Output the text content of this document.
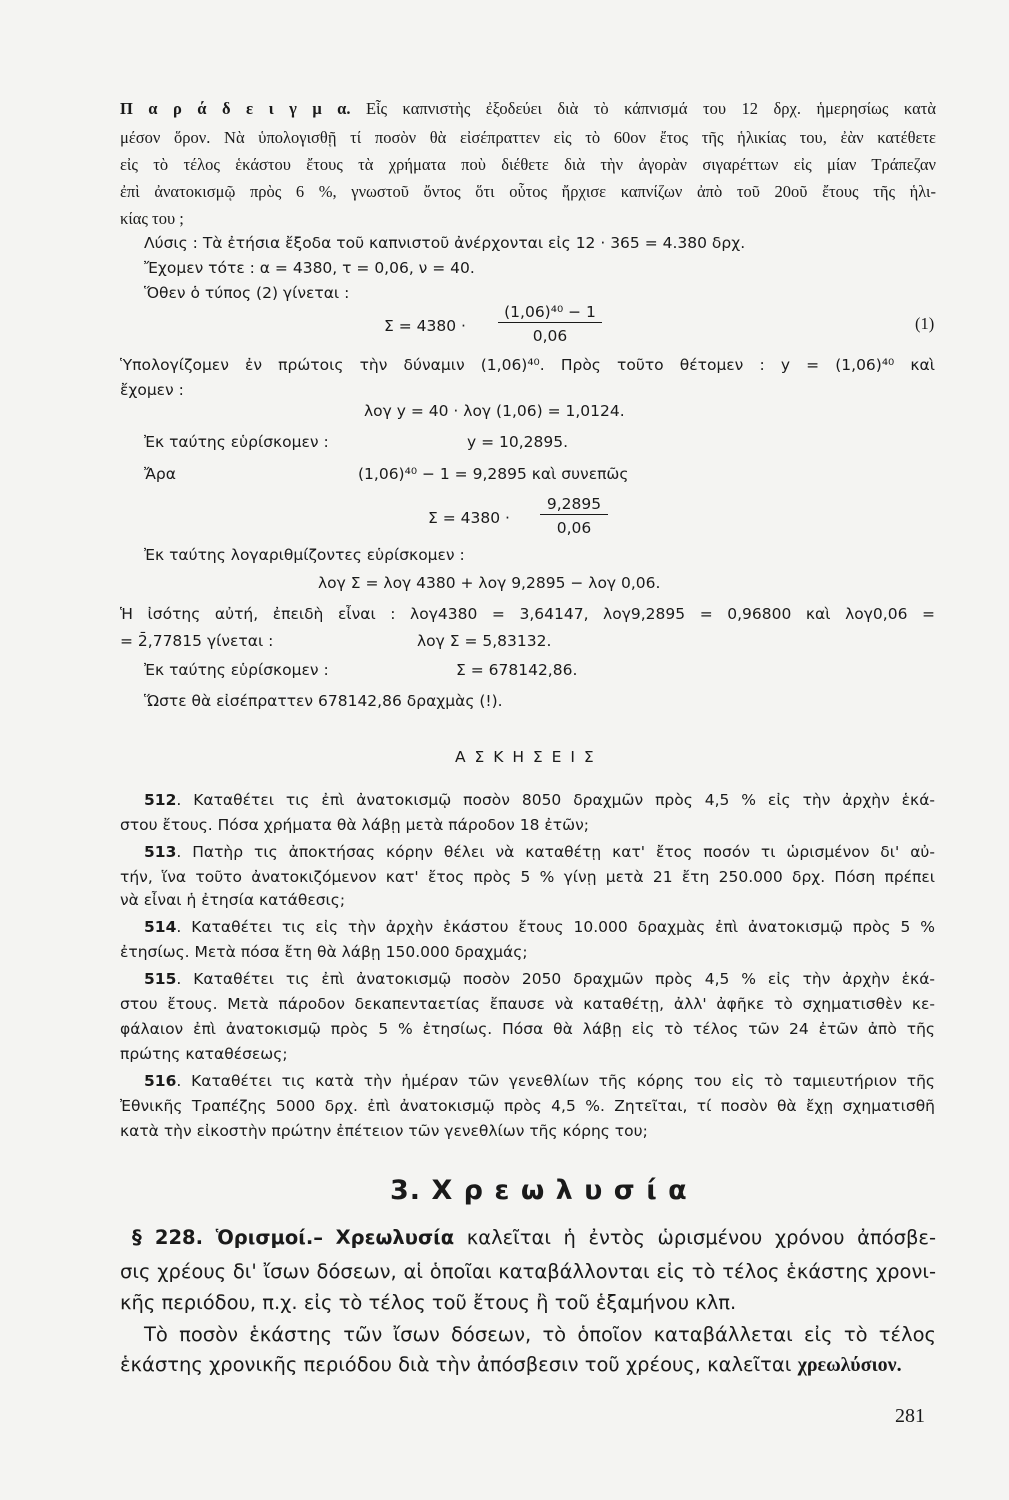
Π α ρ ά δ ε ι γ μ α. Εἷς καπνιστὴς ἐξοδεύει διὰ τὸ κάπνισμά του 12 δρχ. ἡμερησίως κατὰ
μέσον ὅρον. Νὰ ὑπολογισθῇ τί ποσὸν θὰ εἰσέπραττεν εἰς τὸ 60ον ἔτος τῆς ἡλικίας του, ἐὰν κατέθετε
εἰς τὸ τέλος ἑκάστου ἔτους τὰ χρήματα ποὺ διέθετε διὰ τὴν ἀγορὰν σιγαρέττων εἰς μίαν Τράπεζαν
ἐπὶ ἀνατοκισμῷ πρὸς 6 %, γνωστοῦ ὄντος ὅτι οὗτος ἤρχισε καπνίζων ἀπὸ τοῦ 20οῦ ἔτους τῆς ἡλι-
κίας του ;
Λύσις : Τὰ ἐτήσια ἔξοδα τοῦ καπνιστοῦ ἀνέρχονται εἰς 12 · 365 = 4.380 δρχ.
Ἔχομεν τότε : α = 4380, τ = 0,06, ν = 40.
Ὅθεν ὁ τύπος (2) γίνεται :
Σ = 4380 ·
(1,06)⁴⁰ − 1
0,06
(1)
Ὑπολογίζομεν ἐν πρώτοις τὴν δύναμιν (1,06)⁴⁰. Πρὸς τοῦτο θέτομεν : y = (1,06)⁴⁰ καὶ
ἔχομεν :
λογ y = 40 · λογ (1,06) = 1,0124.
Ἐκ ταύτης εὑρίσκομεν :	y = 10,2895.
Ἄρα	(1,06)⁴⁰ − 1 = 9,2895 καὶ συνεπῶς
Σ = 4380 ·
9,2895
0,06
Ἐκ ταύτης λογαριθμίζοντες εὑρίσκομεν :
λογ Σ = λογ 4380 + λογ 9,2895 − λογ 0,06.
Ἡ ἰσότης αὐτή, ἐπειδὴ εἶναι : λογ4380 = 3,64147, λογ9,2895 = 0,96800 καὶ λογ0,06 =
= 2̄,77815 γίνεται :	λογ Σ = 5,83132.
Ἐκ ταύτης εὑρίσκομεν :	Σ = 678142,86.
Ὥστε θὰ εἰσέπραττεν 678142,86 δραχμὰς (!).
Α Σ Κ Η Σ Ε Ι Σ
512. Καταθέτει τις ἐπὶ ἀνατοκισμῷ ποσὸν 8050 δραχμῶν πρὸς 4,5 % εἰς τὴν ἀρχὴν ἑκά-
στου ἔτους. Πόσα χρήματα θὰ λάβῃ μετὰ πάροδον 18 ἐτῶν;
513. Πατὴρ τις ἀποκτήσας κόρην θέλει νὰ καταθέτῃ κατ' ἔτος ποσόν τι ὡρισμένον δι' αὐ-
τήν, ἵνα τοῦτο ἀνατοκιζόμενον κατ' ἔτος πρὸς 5 % γίνῃ μετὰ 21 ἔτη 250.000 δρχ. Πόση πρέπει
νὰ εἶναι ἡ ἐτησία κατάθεσις;
514. Καταθέτει τις εἰς τὴν ἀρχὴν ἑκάστου ἔτους 10.000 δραχμὰς ἐπὶ ἀνατοκισμῷ πρὸς 5 %
ἐτησίως. Μετὰ πόσα ἔτη θὰ λάβῃ 150.000 δραχμάς;
515. Καταθέτει τις ἐπὶ ἀνατοκισμῷ ποσὸν 2050 δραχμῶν πρὸς 4,5 % εἰς τὴν ἀρχὴν ἑκά-
στου ἔτους. Μετὰ πάροδον δεκαπενταετίας ἔπαυσε νὰ καταθέτῃ, ἀλλ' ἀφῆκε τὸ σχηματισθὲν κε-
φάλαιον ἐπὶ ἀνατοκισμῷ πρὸς 5 % ἐτησίως. Πόσα θὰ λάβῃ εἰς τὸ τέλος τῶν 24 ἐτῶν ἀπὸ τῆς
πρώτης καταθέσεως;
516. Καταθέτει τις κατὰ τὴν ἡμέραν τῶν γενεθλίων τῆς κόρης του εἰς τὸ ταμιευτήριον τῆς
Ἐθνικῆς Τραπέζης 5000 δρχ. ἐπὶ ἀνατοκισμῷ πρὸς 4,5 %. Ζητεῖται, τί ποσὸν θὰ ἔχῃ σχηματισθῆ
κατὰ τὴν εἰκοστὴν πρώτην ἐπέτειον τῶν γενεθλίων τῆς κόρης του;
3. Χ ρ ε ω λ υ σ ί α
§ 228. Ὁρισμοί.– Χρεωλυσία καλεῖται ἡ ἐντὸς ὡρισμένου χρόνου ἀπόσβε-
σις χρέους δι' ἴσων δόσεων, αἱ ὁποῖαι καταβάλλονται εἰς τὸ τέλος ἑκάστης χρονι-
κῆς περιόδου, π.χ. εἰς τὸ τέλος τοῦ ἔτους ἢ τοῦ ἑξαμήνου κλπ.
Τὸ ποσὸν ἑκάστης τῶν ἴσων δόσεων, τὸ ὁποῖον καταβάλλεται εἰς τὸ τέλος
ἑκάστης χρονικῆς περιόδου διὰ τὴν ἀπόσβεσιν τοῦ χρέους, καλεῖται χρεωλύσιον.
281
